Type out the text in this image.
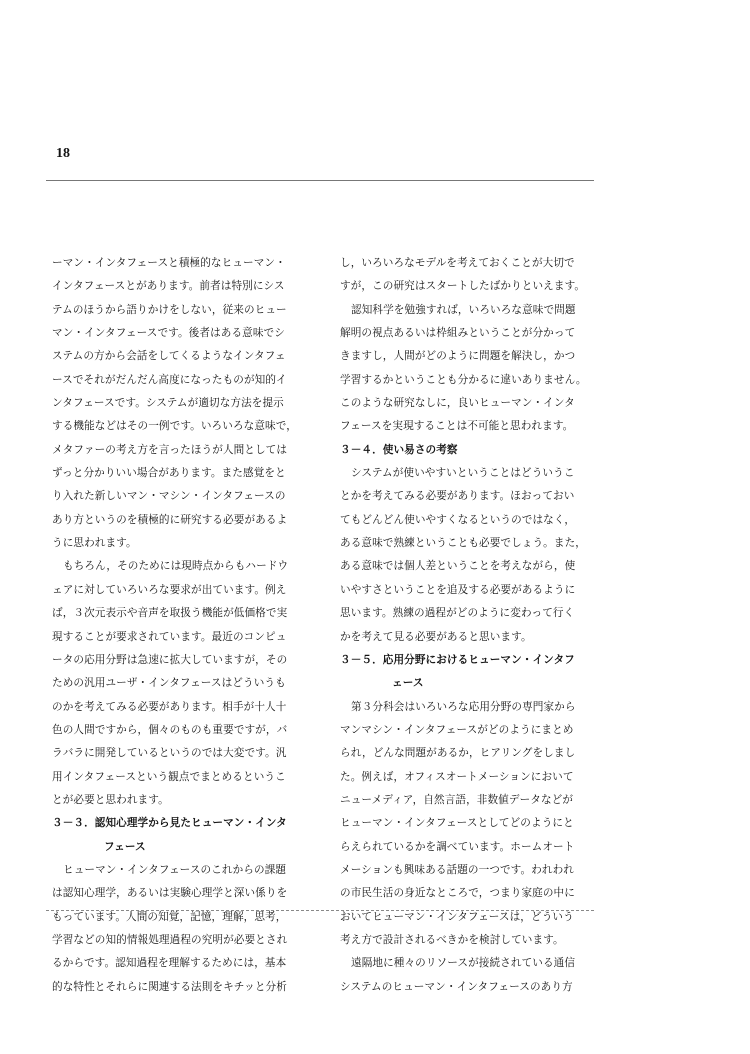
18
ーマン・インタフェースと積極的なヒューマン・
インタフェースとがあります。前者は特別にシス
テムのほうから語りかけをしない，従来のヒュー
マン・インタフェースです。後者はある意味でシ
ステムの方から会話をしてくるようなインタフェ
ースでそれがだんだん高度になったものが知的イ
ンタフェースです。システムが適切な方法を提示
する機能などはその一例です。いろいろな意味で，
メタファーの考え方を言ったほうが人間としては
ずっと分かりいい場合があります。また感覚をと
り入れた新しいマン・マシン・インタフェースの
あり方というのを積極的に研究する必要があるよ
うに思われます。
もちろん，そのためには現時点からもハードウ
ェアに対していろいろな要求が出ています。例え
ば，３次元表示や音声を取扱う機能が低価格で実
現することが要求されています。最近のコンピュ
ータの応用分野は急速に拡大していますが，その
ための汎用ユーザ・インタフェースはどういうも
のかを考えてみる必要があります。相手が十人十
色の人間ですから，個々のものも重要ですが，バ
ラバラに開発しているというのでは大変です。汎
用インタフェースという観点でまとめるというこ
とが必要と思われます。
３－３．認知心理学から見たヒューマン・インタ
フェース
ヒューマン・インタフェースのこれからの課題
は認知心理学，あるいは実験心理学と深い係りを
もっています。人間の知覚，記憶，理解，思考，
学習などの知的情報処理過程の究明が必要とされ
るからです。認知過程を理解するためには，基本
的な特性とそれらに関連する法則をキチッと分析
し，いろいろなモデルを考えておくことが大切で
すが，この研究はスタートしたばかりといえます。
認知科学を勉強すれば，いろいろな意味で問題
解明の視点あるいは枠組みということが分かって
きますし，人間がどのように問題を解決し，かつ
学習するかということも分かるに違いありません。
このような研究なしに，良いヒューマン・インタ
フェースを実現することは不可能と思われます。
３－４．使い易さの考察
システムが使いやすいということはどういうこ
とかを考えてみる必要があります。ほおっておい
てもどんどん使いやすくなるというのではなく，
ある意味で熟練ということも必要でしょう。また，
ある意味では個人差ということを考えながら，使
いやすさということを追及する必要があるように
思います。熟練の過程がどのように変わって行く
かを考えて見る必要があると思います。
３－５．応用分野におけるヒューマン・インタフ
ェース
第３分科会はいろいろな応用分野の専門家から
マンマシン・インタフェースがどのようにまとめ
られ，どんな問題があるか，ヒアリングをしまし
た。例えば，オフィスオートメーションにおいて
ニューメディア，自然言語，非数値データなどが
ヒューマン・インタフェースとしてどのようにと
らえられているかを調べています。ホームオート
メーションも興味ある話題の一つです。われわれ
の市民生活の身近なところで，つまり家庭の中に
おいてヒューマン・インタフェースは，どういう
考え方で設計されるべきかを検討しています。
遠隔地に種々のリソースが接続されている通信
システムのヒューマン・インタフェースのあり方
